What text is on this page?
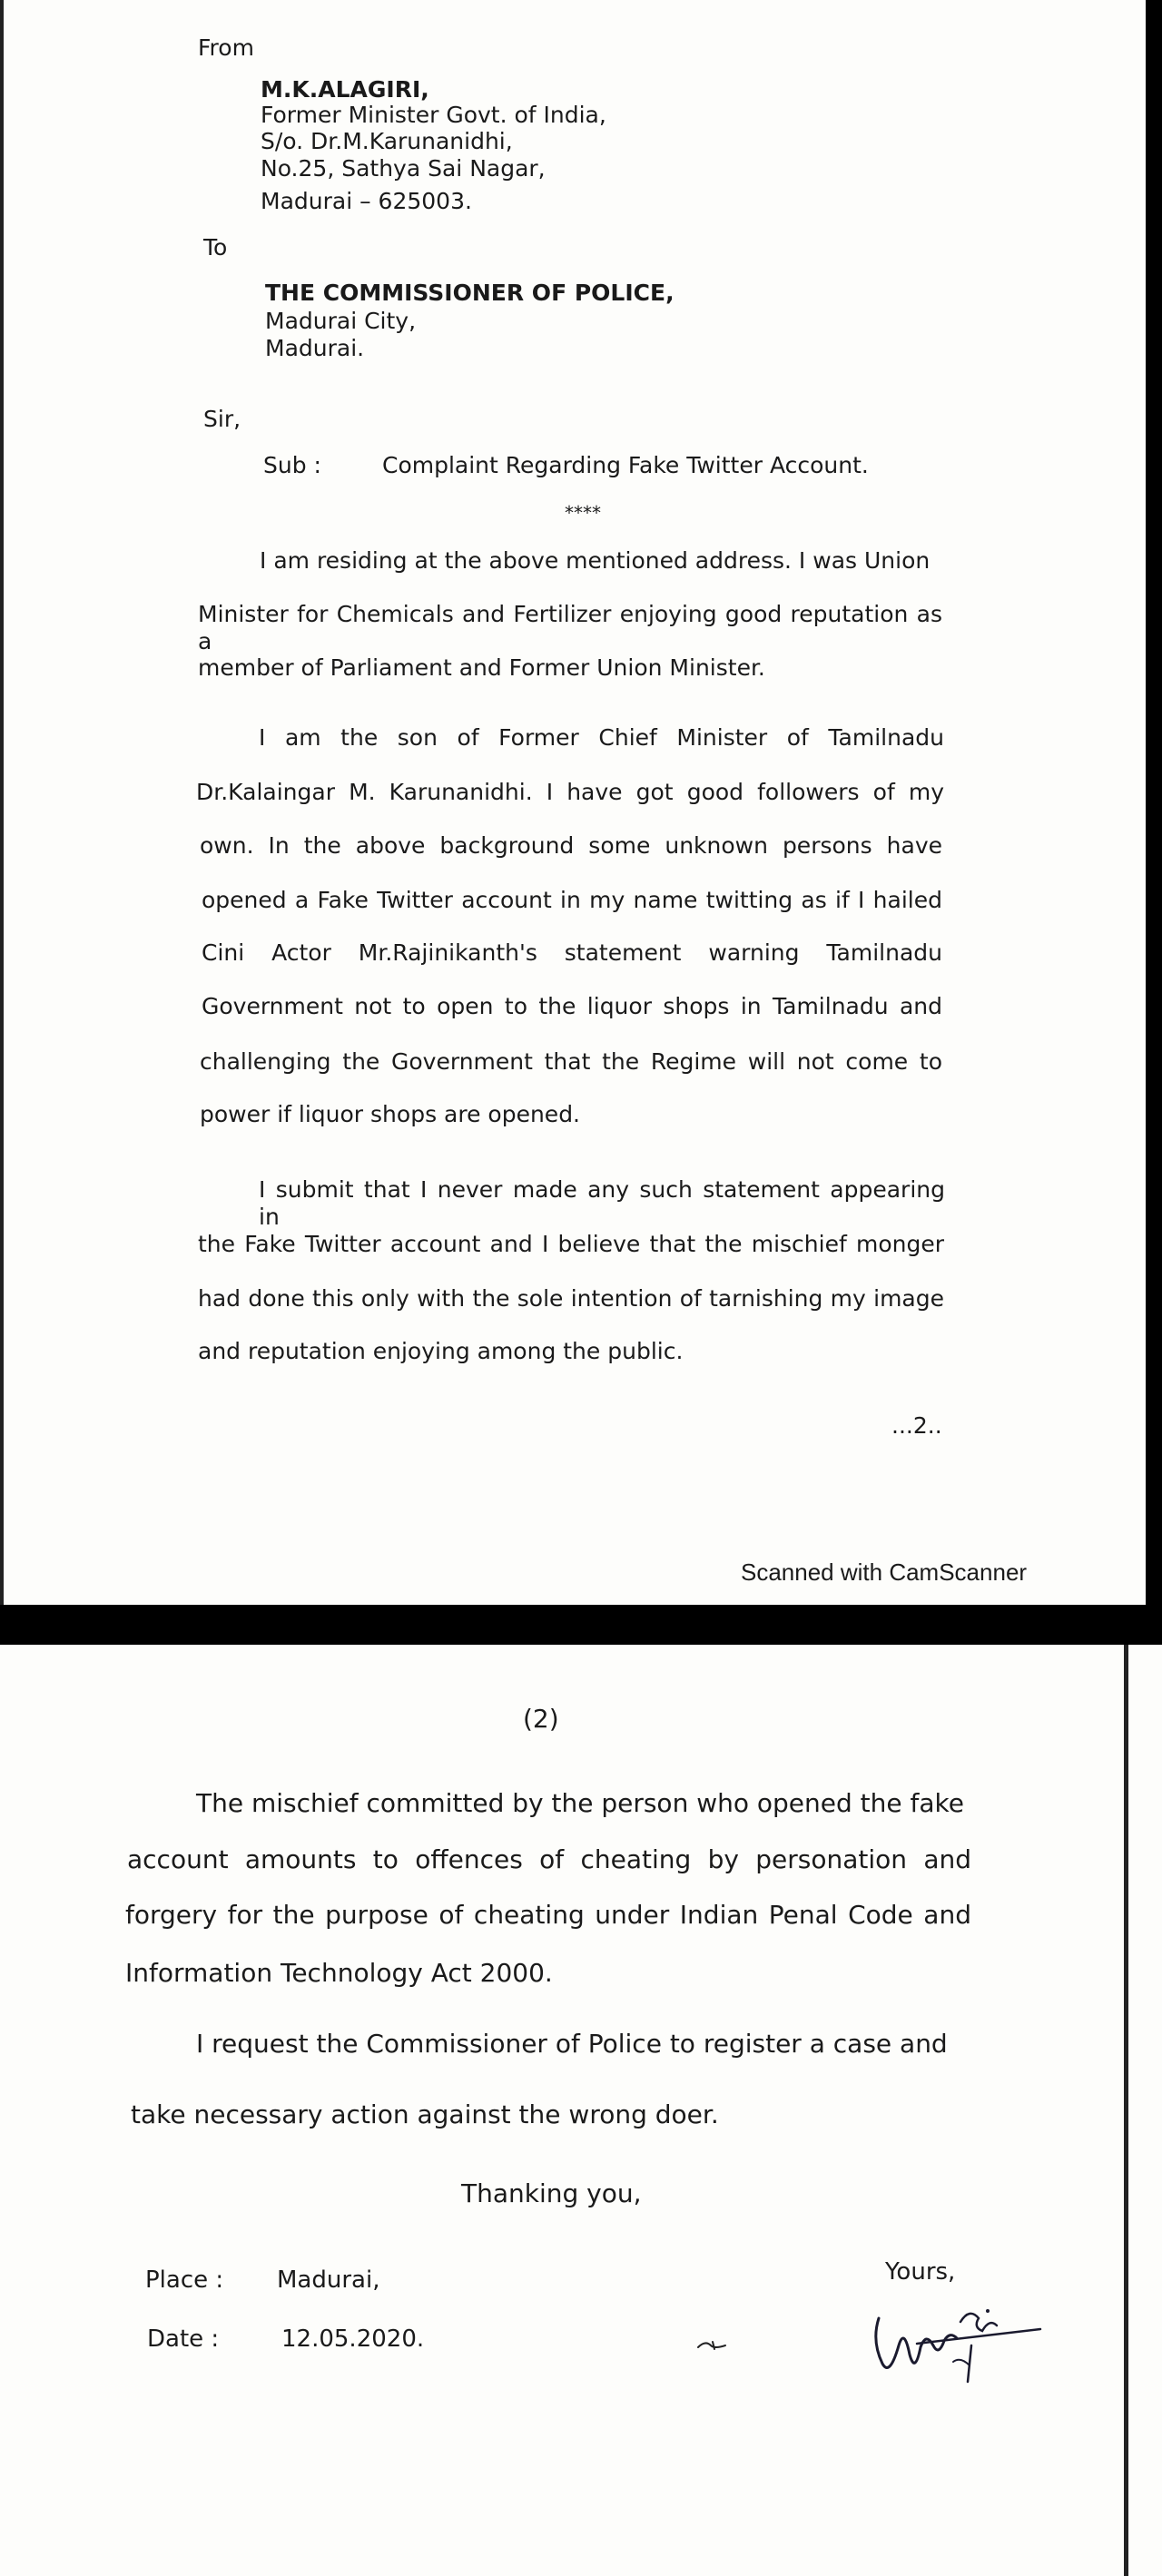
From
M.K.ALAGIRI,
Former Minister Govt. of India,
S/o. Dr.M.Karunanidhi,
No.25, Sathya Sai Nagar,
Madurai – 625003.
To
THE COMMISSIONER OF POLICE,
Madurai City,
Madurai.
Sir,
Sub :	Complaint Regarding Fake Twitter Account.
****
I am residing at the above mentioned address. I was Union
Minister for Chemicals and Fertilizer enjoying good reputation as a
member of Parliament and Former Union Minister.
I am the son of Former Chief Minister of Tamilnadu
Dr.Kalaingar M. Karunanidhi. I have got good followers of my
own. In the above background some unknown persons have
opened a Fake Twitter account in my name twitting as if I hailed
Cini Actor Mr.Rajinikanth's statement warning Tamilnadu
Government not to open to the liquor shops in Tamilnadu and
challenging the Government that the Regime will not come to
power if liquor shops are opened.
I submit that I never made any such statement appearing in
the Fake Twitter account and I believe that the mischief monger
had done this only with the sole intention of tarnishing my image
and reputation enjoying among the public.
...2..
Scanned with CamScanner
(2)
The mischief committed by the person who opened the fake
account amounts to offences of cheating by personation and
forgery for the purpose of cheating under Indian Penal Code and
Information Technology Act 2000.
I request the Commissioner of Police to register a case and
take necessary action against the wrong doer.
Thanking you,
Place : Madurai,
Date :	12.05.2020.
Yours,
